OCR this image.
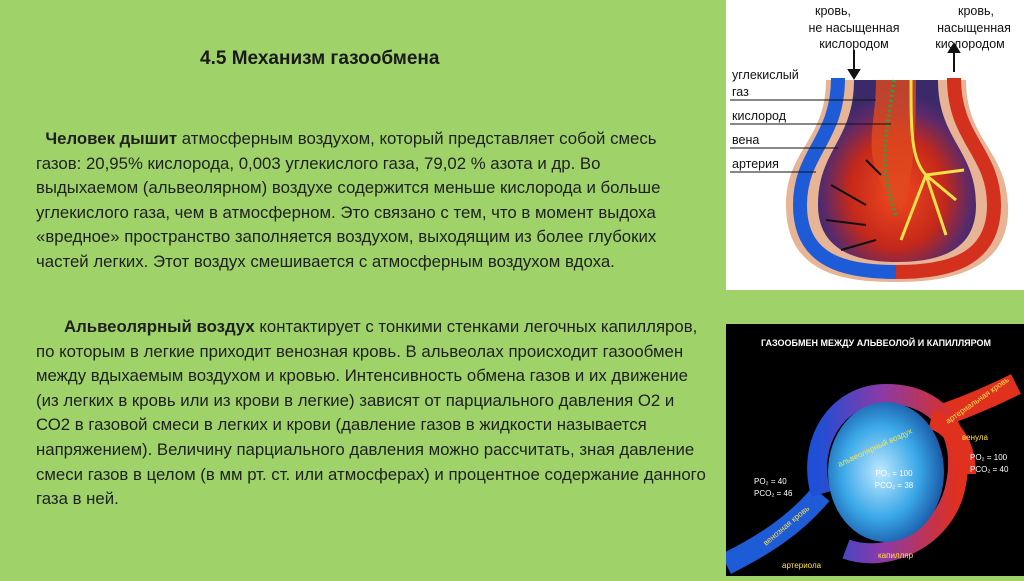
4.5 Механизм газообмена
Человек дышит атмосферным воздухом, который представляет собой смесь газов: 20,95% кислорода, 0,003 углекислого газа, 79,02 % азота и др. Во выдыхаемом (альвеолярном) воздухе содержится меньше кислорода и больше углекислого газа, чем в атмосферном. Это связано с тем, что в момент выдоха «вредное» пространство заполняется воздухом, выходящим из более глубоких частей легких. Этот воздух смешивается с атмосферным воздухом вдоха.
Альвеолярный воздух контактирует с тонкими стенками легочных капилляров, по которым в легкие приходит венозная кровь. В альвеолах происходит газообмен между вдыхаемым воздухом и кровью. Интенсивность обмена газов и их движение (из легких в кровь или из крови в легкие) зависят от парциального давления О2 и СО2 в газовой смеси в легких и крови (давление газов в жидкости называется напряжением). Величину парциального давления можно рассчитать, зная давление смеси газов в целом (в мм рт. ст. или атмосферах) и процентное содержание данного газа в ней.
кровь,
не насыщенная
кислородом
кровь,
насыщенная
кислородом
углекислый
газ
кислород
вена
артерия
ГАЗООБМЕН МЕЖДУ АЛЬВЕОЛОЙ И КАПИЛЛЯРОМ
альвеолярный воздух
PO₂ = 100
PCO₂ = 38
PO₂ = 40
PCO₂ = 46
PO₂ = 100
PCO₂ = 40
венозная кровь
артериальная кровь
венула
артериола
капилляр
